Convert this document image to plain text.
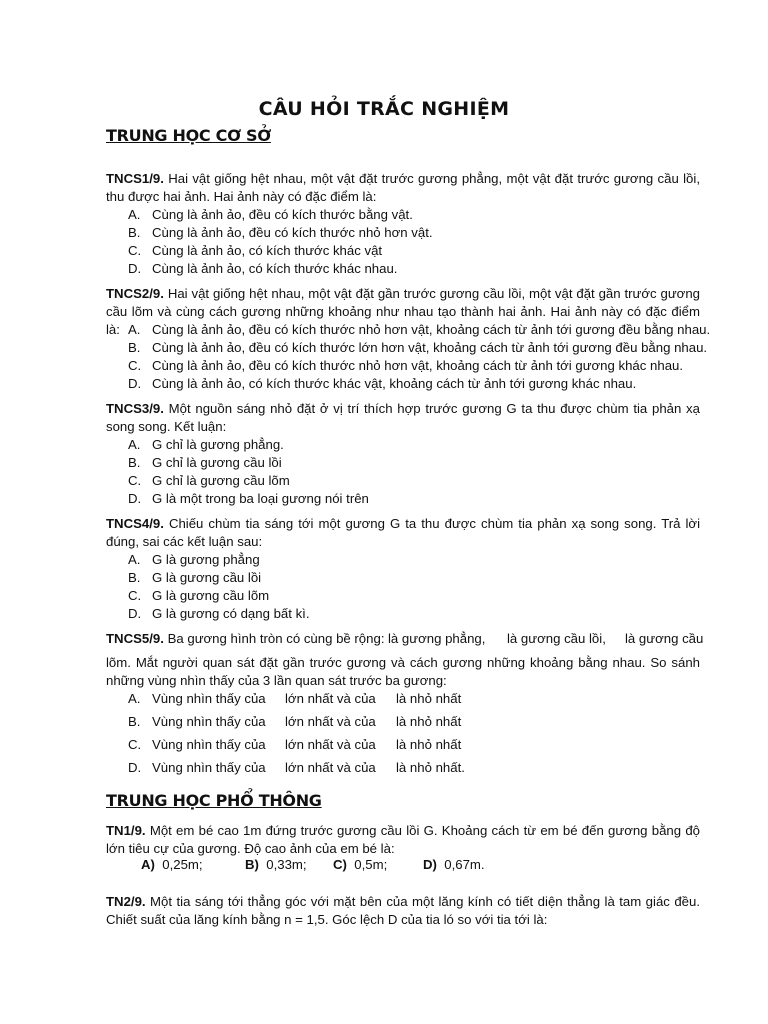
CÂU HỎI TRẮC NGHIỆM
TRUNG HỌC CƠ SỞ
TNCS1/9. Hai vật giống hệt nhau, một vật đặt trước gương phẳng, một vật đặt trước gương cầu lồi, thu được hai ảnh. Hai ảnh này có đặc điểm là:
A. Cùng là ảnh ảo, đều có kích thước bằng vật.
B. Cùng là ảnh ảo, đều có kích thước nhỏ hơn vật.
C. Cùng là ảnh ảo, có kích thước khác vật
D. Cùng là ảnh ảo, có kích thước khác nhau.
TNCS2/9. Hai vật giống hệt nhau, một vật đặt gần trước gương cầu lồi, một vật đặt gần trước gương cầu lõm và cùng cách gương những khoảng như nhau tạo thành hai ảnh. Hai ảnh này có đặc điểm là: A. Cùng là ảnh ảo, đều có kích thước nhỏ hơn vật, khoảng cách từ ảnh tới gương đều bằng nhau.
B. Cùng là ảnh ảo, đều có kích thước lớn hơn vật, khoảng cách từ ảnh tới gương đều bằng nhau.
C. Cùng là ảnh ảo, đều có kích thước nhỏ hơn vật, khoảng cách từ ảnh tới gương khác nhau.
D. Cùng là ảnh ảo, có kích thước khác vật, khoảng cách từ ảnh tới gương khác nhau.
TNCS3/9. Một nguồn sáng nhỏ đặt ở vị trí thích hợp trước gương G ta thu được chùm tia phản xạ song song. Kết luận:
A. G chỉ là gương phẳng.
B. G chỉ là gương cầu lồi
C. G chỉ là gương cầu lõm
D. G là một trong ba loại gương nói trên
TNCS4/9. Chiếu chùm tia sáng tới một gương G ta thu được chùm tia phản xạ song song. Trả lời đúng, sai các kết luận sau:
A. G là gương phẳng
B. G là gương cầu lồi
C. G là gương cầu lõm
D. G là gương có dạng bất kì.
TNCS5/9. Ba gương hình tròn có cùng bề rộng: là gương phẳng, là gương cầu lồi, là gương cầu
lõm. Mắt người quan sát đặt gần trước gương và cách gương những khoảng bằng nhau. So sánh những vùng nhìn thấy của 3 lần quan sát trước ba gương:
A. Vùng nhìn thấy của lớn nhất và của là nhỏ nhất
B. Vùng nhìn thấy của lớn nhất và của là nhỏ nhất
C. Vùng nhìn thấy của lớn nhất và của là nhỏ nhất
D. Vùng nhìn thấy của lớn nhất và của là nhỏ nhất.
TRUNG HỌC PHỔ THÔNG
TN1/9. Một em bé cao 1m đứng trước gương cầu lồi G. Khoảng cách từ em bé đến gương bằng độ lớn tiêu cự của gương. Độ cao ảnh của em bé là:
A) 0,25m;	B) 0,33m; C) 0,5m;	D) 0,67m.
TN2/9. Một tia sáng tới thẳng góc với mặt bên của một lăng kính có tiết diện thẳng là tam giác đều. Chiết suất của lăng kính bằng n = 1,5. Góc lệch D của tia ló so với tia tới là:
